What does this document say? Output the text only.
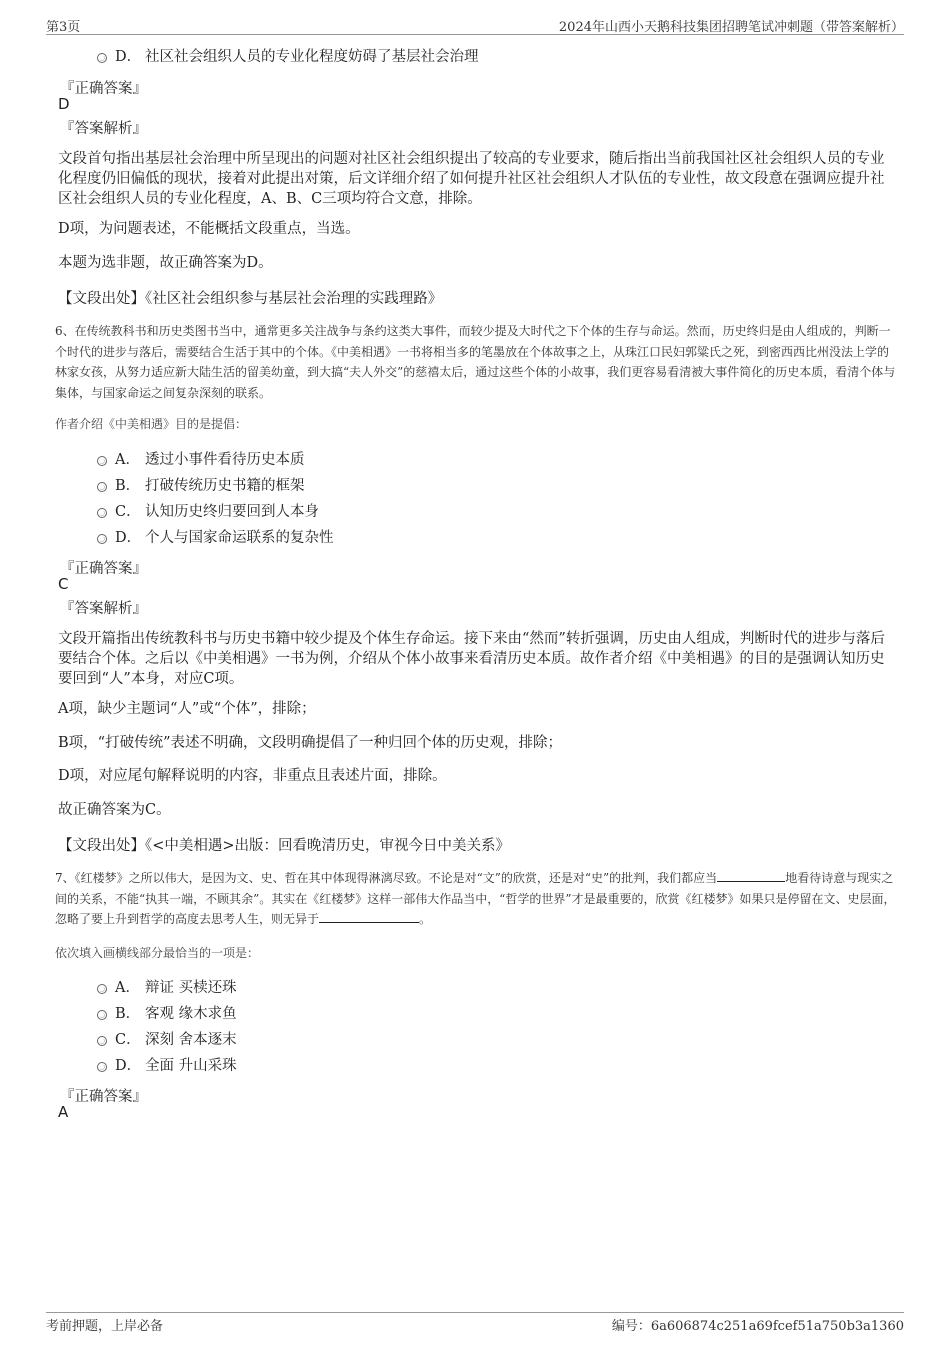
第3页	2024年山西小天鹅科技集团招聘笔试冲刺题（带答案解析）
D． 社区社会组织人员的专业化程度妨碍了基层社会治理
『正确答案』
D
『答案解析』
文段首句指出基层社会治理中所呈现出的问题对社区社会组织提出了较高的专业要求，随后指出当前我国社区社会组织人员的专业化程度仍旧偏低的现状，接着对此提出对策，后文详细介绍了如何提升社区社会组织人才队伍的专业性，故文段意在强调应提升社区社会组织人员的专业化程度，A、B、C三项均符合文意，排除。
D项，为问题表述，不能概括文段重点，当选。
本题为选非题，故正确答案为D。
【文段出处】《社区社会组织参与基层社会治理的实践理路》
6、在传统教科书和历史类图书当中，通常更多关注战争与条约这类大事件，而较少提及大时代之下个体的生存与命运。然而，历史终归是由人组成的，判断一个时代的进步与落后，需要结合生活于其中的个体。《中美相遇》一书将相当多的笔墨放在个体故事之上，从珠江口民妇郭粱氏之死，到密西西比州没法上学的林家女孩，从努力适应新大陆生活的留美幼童，到大搞“夫人外交”的慈禧太后，通过这些个体的小故事，我们更容易看清被大事件简化的历史本质，看清个体与集体，与国家命运之间复杂深刻的联系。
作者介绍《中美相遇》目的是提倡：
A． 透过小事件看待历史本质
B． 打破传统历史书籍的框架
C． 认知历史终归要回到人本身
D． 个人与国家命运联系的复杂性
『正确答案』
C
『答案解析』
文段开篇指出传统教科书与历史书籍中较少提及个体生存命运。接下来由“然而”转折强调，历史由人组成，判断时代的进步与落后要结合个体。之后以《中美相遇》一书为例，介绍从个体小故事来看清历史本质。故作者介绍《中美相遇》的目的是强调认知历史要回到“人”本身，对应C项。
A项，缺少主题词“人”或“个体”，排除；
B项，“打破传统”表述不明确，文段明确提倡了一种归回个体的历史观，排除；
D项，对应尾句解释说明的内容，非重点且表述片面，排除。
故正确答案为C。
【文段出处】《<中美相遇>出版：回看晚清历史，审视今日中美关系》
7、《红楼梦》之所以伟大，是因为文、史、哲在其中体现得淋漓尽致。不论是对“文”的欣赏，还是对“史”的批判，我们都应当	地看待诗意与现实之间的关系，不能“执其一端，不顾其余”。其实在《红楼梦》这样一部伟大作品当中，“哲学的世界”才是最重要的，欣赏《红楼梦》如果只是停留在文、史层面，忽略了要上升到哲学的高度去思考人生，则无异于	。
依次填入画横线部分最恰当的一项是：
A． 辩证 买椟还珠
B． 客观 缘木求鱼
C． 深刻 舍本逐末
D． 全面 升山采珠
『正确答案』
A
考前押题，上岸必备	编号：6a606874c251a69fcef51a750b3a1360
